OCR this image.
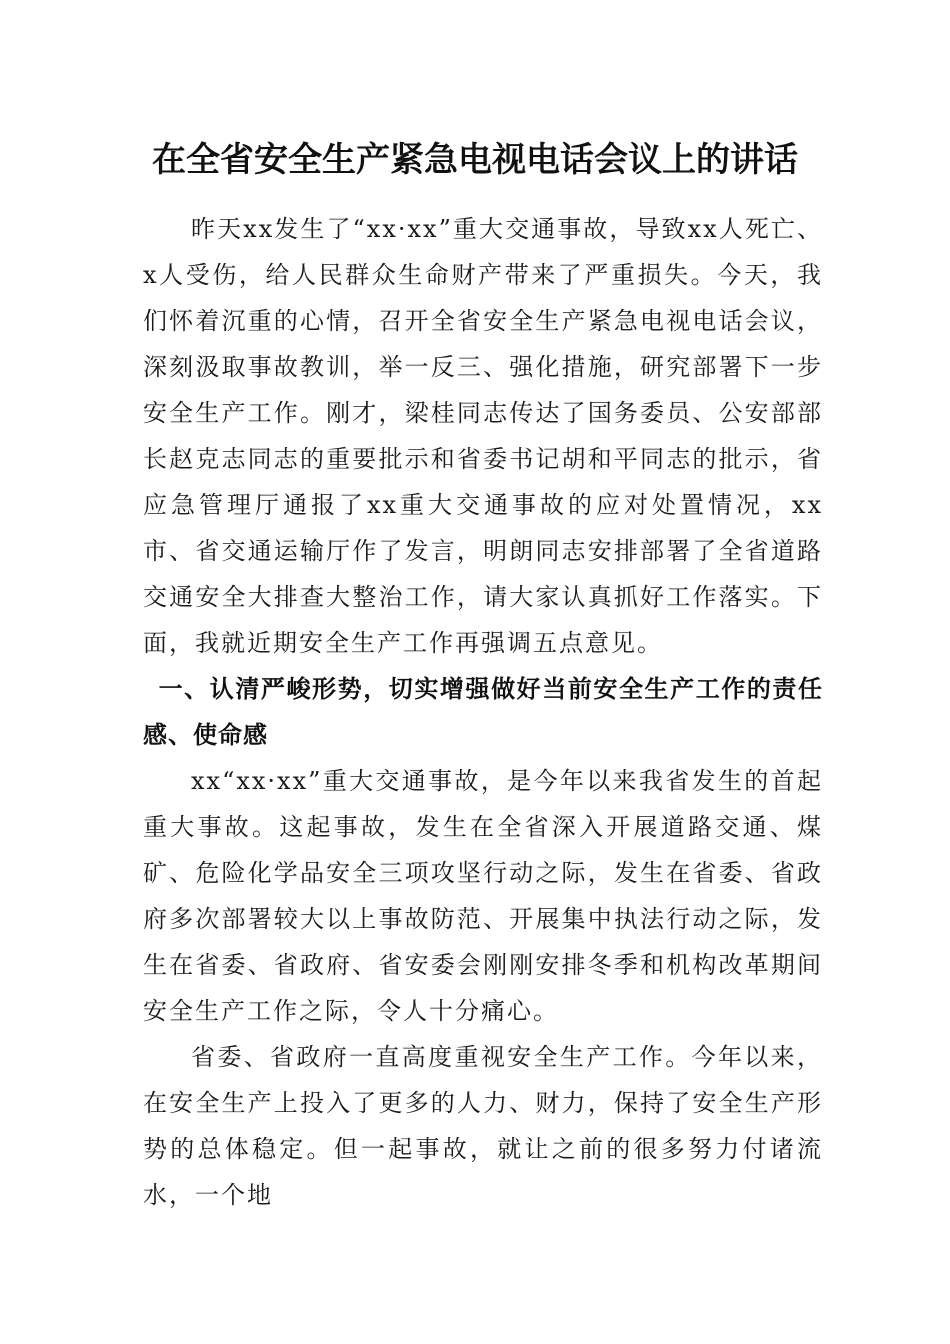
在全省安全生产紧急电视电话会议上的讲话

昨天xx发生了“xx·xx”重大交通事故，导致xx人死亡、x人受伤，给人民群众生命财产带来了严重损失。今天，我们怀着沉重的心情，召开全省安全生产紧急电视电话会议，深刻汲取事故教训，举一反三、强化措施，研究部署下一步安全生产工作。刚才，梁桂同志传达了国务委员、公安部部长赵克志同志的重要批示和省委书记胡和平同志的批示，省应急管理厅通报了xx重大交通事故的应对处置情况，xx市、省交通运输厅作了发言，明朗同志安排部署了全省道路交通安全大排查大整治工作，请大家认真抓好工作落实。下面，我就近期安全生产工作再强调五点意见。

一、认清严峻形势，切实增强做好当前安全生产工作的责任感、使命感

xx“xx·xx”重大交通事故，是今年以来我省发生的首起重大事故。这起事故，发生在全省深入开展道路交通、煤矿、危险化学品安全三项攻坚行动之际，发生在省委、省政府多次部署较大以上事故防范、开展集中执法行动之际，发生在省委、省政府、省安委会刚刚安排冬季和机构改革期间安全生产工作之际，令人十分痛心。

省委、省政府一直高度重视安全生产工作。今年以来，在安全生产上投入了更多的人力、财力，保持了安全生产形势的总体稳定。但一起事故，就让之前的很多努力付诸流水，一个地
